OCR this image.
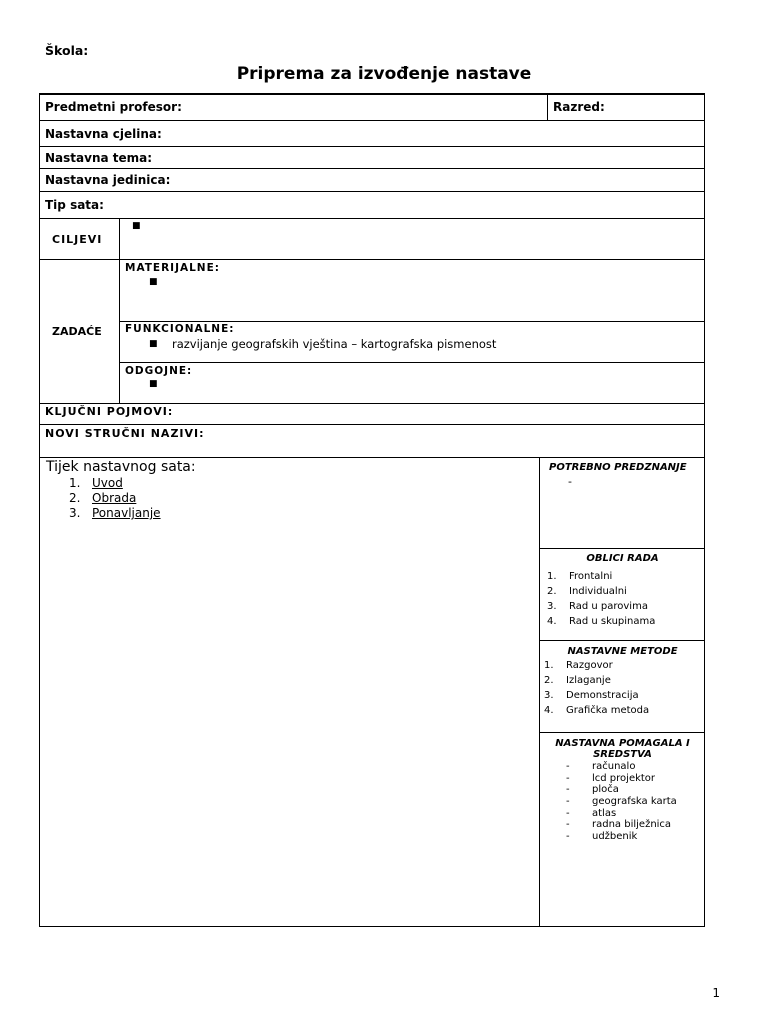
Škola:
Priprema za izvođenje nastave
Predmetni profesor:	Razred:
Nastavna cjelina:
Nastavna tema:
Nastavna jedinica:
Tip sata:
CILJEVI
■
ZADAĆE
MATERIJALNE:
■
FUNKCIONALNE:
■ razvijanje geografskih vještina – kartografska pismenost
ODGOJNE:
■
KLJUČNI POJMOVI:
NOVI STRUČNI NAZIVI:
Tijek nastavnog sata:
1. Uvod
2. Obrada
3. Ponavljanje
POTREBNO PREDZNANJE
-
OBLICI RADA
1. Frontalni
2. Individualni
3. Rad u parovima
4. Rad u skupinama
NASTAVNE METODE
1. Razgovor
2. Izlaganje
3. Demonstracija
4. Grafička metoda
NASTAVNA POMAGALA I
SREDSTVA
- računalo
- lcd projektor
- ploča
- geografska karta
- atlas
- radna bilježnica
- udžbenik
1
